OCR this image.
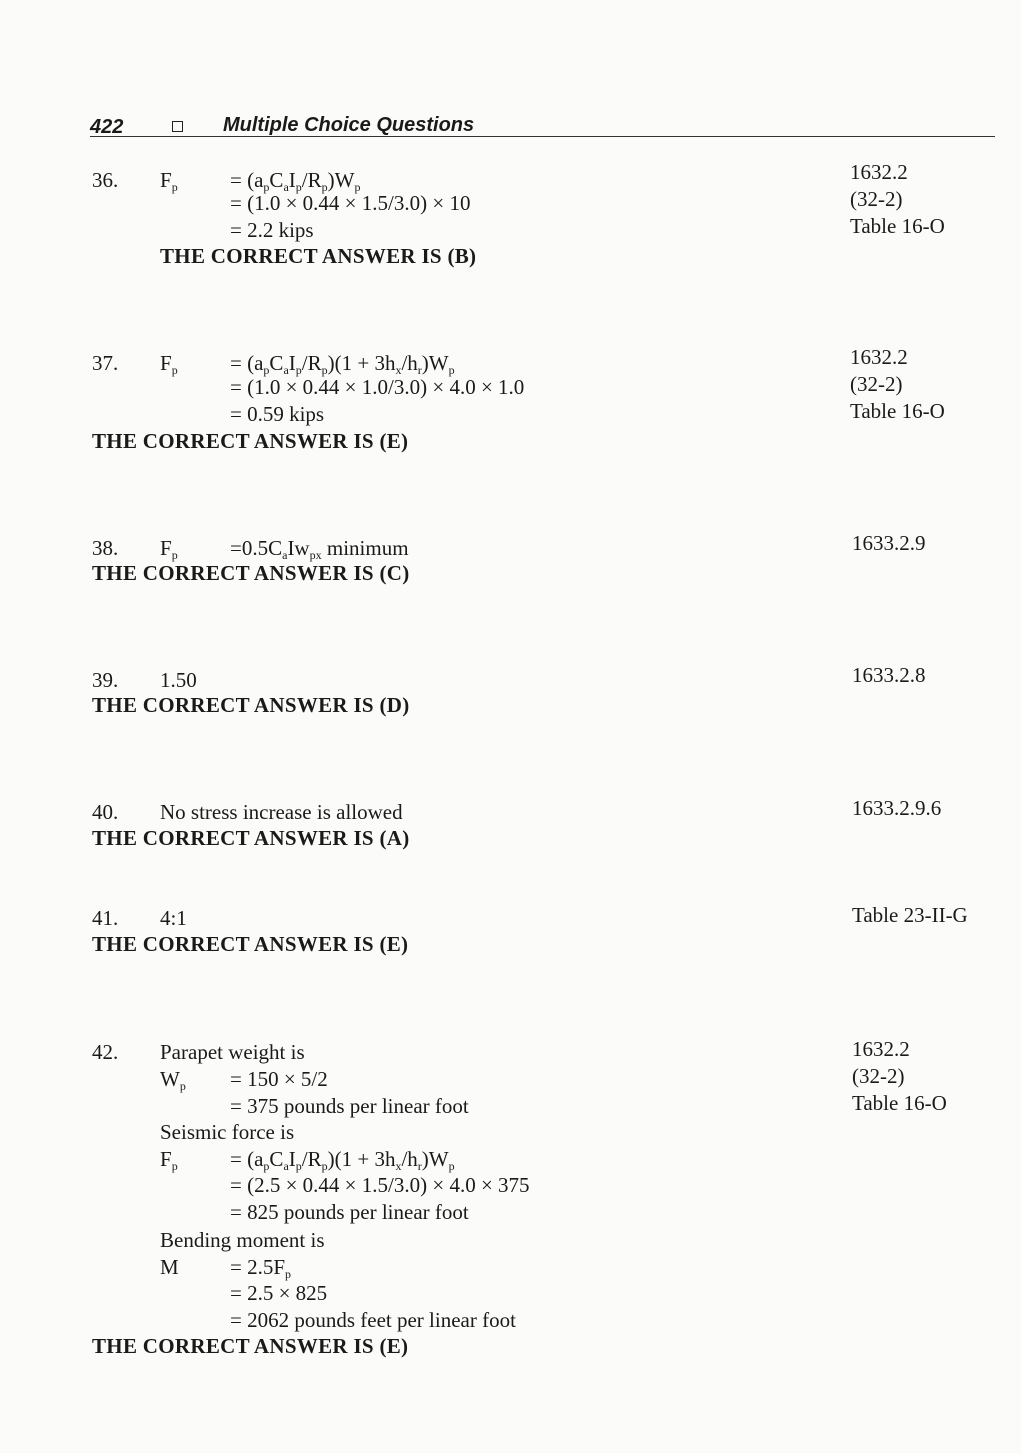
422	Multiple Choice Questions
36. $F_p = (a_pC_aI_p/R_p)W_p$
= (1.0 × 0.44 × 1.5/3.0) × 10
= 2.2 kips
THE CORRECT ANSWER IS (B)
1632.2
(32-2)
Table 16-O
37. $F_p = (a_pC_aI_p/R_p)(1 + 3h_x/h_r)W_p$
= (1.0 × 0.44 × 1.0/3.0) × 4.0 × 1.0
= 0.59 kips
THE CORRECT ANSWER IS (E)
1632.2
(32-2)
Table 16-O
38. $F_p =0.5C_aIw_{px}$ minimum
THE CORRECT ANSWER IS (C)
1633.2.9
39. 1.50
THE CORRECT ANSWER IS (D)
1633.2.8
40. No stress increase is allowed
THE CORRECT ANSWER IS (A)
1633.2.9.6
41. 4:1
THE CORRECT ANSWER IS (E)
Table 23-II-G
42. Parapet weight is
$W_p = 150 \times 5/2$
= 375 pounds per linear foot
Seismic force is
$F_p = (a_pC_aI_p/R_p)(1 + 3h_x/h_r)W_p$
= (2.5 × 0.44 × 1.5/3.0) × 4.0 × 375
= 825 pounds per linear foot
Bending moment is
$M = 2.5F_p$
= 2.5 × 825
= 2062 pounds feet per linear foot
THE CORRECT ANSWER IS (E)
1632.2
(32-2)
Table 16-O
